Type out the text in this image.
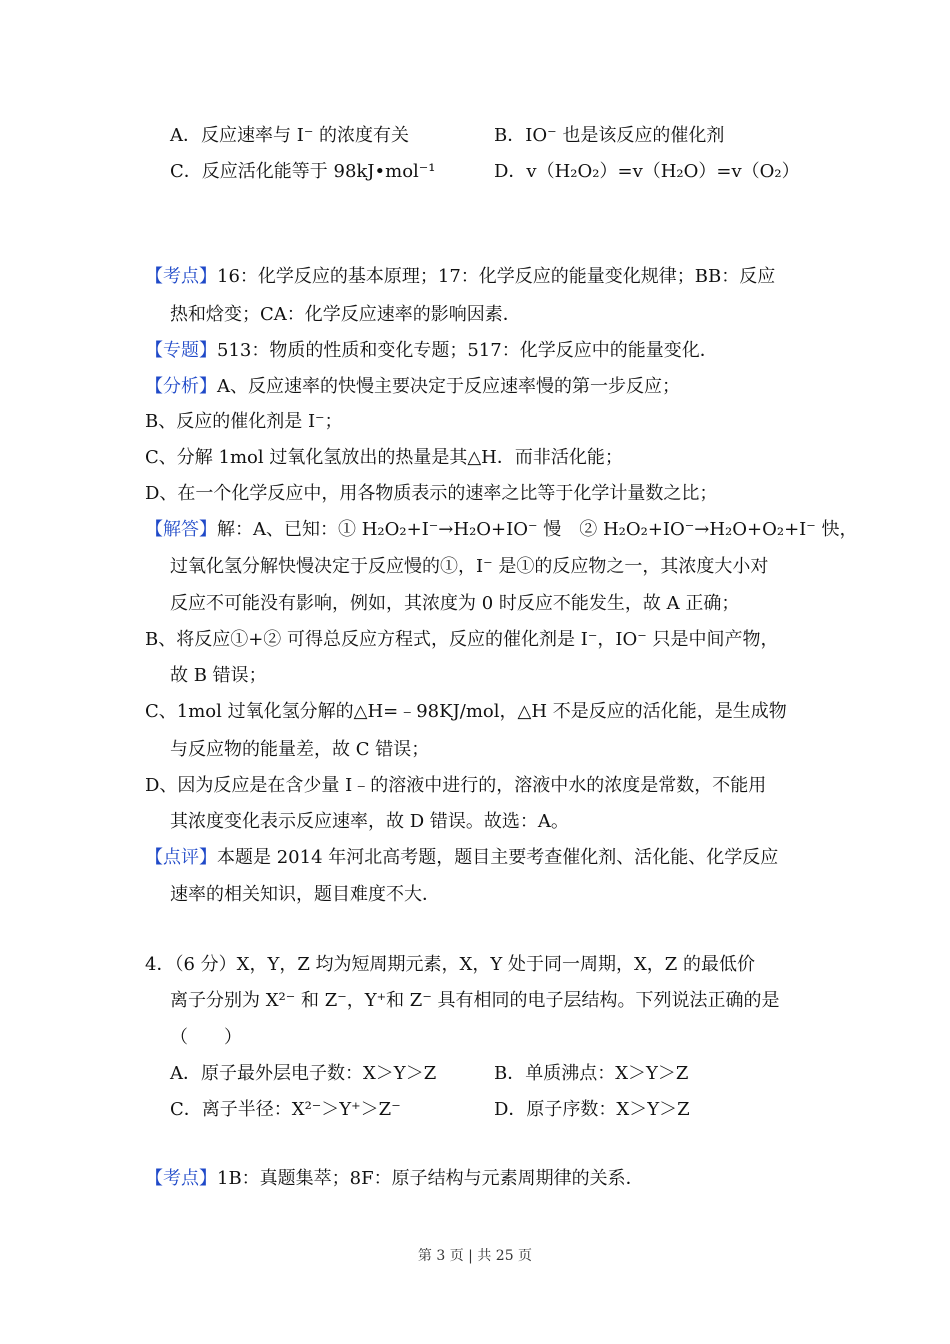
A．反应速率与 I⁻ 的浓度有关	B．IO⁻ 也是该反应的催化剂
C．反应活化能等于 98kJ•mol⁻¹	D．v（H₂O₂）=v（H₂O）=v（O₂）
【考点】16：化学反应的基本原理；17：化学反应的能量变化规律；BB：反应
热和焓变；CA：化学反应速率的影响因素．
【专题】513：物质的性质和变化专题；517：化学反应中的能量变化．
【分析】A、反应速率的快慢主要决定于反应速率慢的第一步反应；
B、反应的催化剂是 I⁻；
C、分解 1mol 过氧化氢放出的热量是其△H．而非活化能；
D、在一个化学反应中，用各物质表示的速率之比等于化学计量数之比；
【解答】解：A、已知：① H₂O₂+I⁻→H₂O+IO⁻ 慢　② H₂O₂+IO⁻→H₂O+O₂+I⁻ 快，
过氧化氢分解快慢决定于反应慢的①，I⁻ 是①的反应物之一，其浓度大小对
反应不可能没有影响，例如，其浓度为 0 时反应不能发生，故 A 正确；
B、将反应①+② 可得总反应方程式，反应的催化剂是 I⁻，IO⁻ 只是中间产物，
故 B 错误；
C、1mol 过氧化氢分解的△H=﹣98KJ/mol，△H 不是反应的活化能，是生成物
与反应物的能量差，故 C 错误；
D、因为反应是在含少量 I﹣的溶液中进行的，溶液中水的浓度是常数，不能用
其浓度变化表示反应速率，故 D 错误。故选：A。
【点评】本题是 2014 年河北高考题，题目主要考查催化剂、活化能、化学反应
速率的相关知识，题目难度不大．
4．（6 分）X，Y，Z 均为短周期元素，X，Y 处于同一周期，X，Z 的最低价
离子分别为 X²⁻ 和 Z⁻，Y⁺和 Z⁻ 具有相同的电子层结构。下列说法正确的是
（　　）
A．原子最外层电子数：X＞Y＞Z	B．单质沸点：X＞Y＞Z
C．离子半径：X²⁻＞Y⁺＞Z⁻	D．原子序数：X＞Y＞Z
【考点】1B：真题集萃；8F：原子结构与元素周期律的关系．
第 3 页 | 共 25 页
